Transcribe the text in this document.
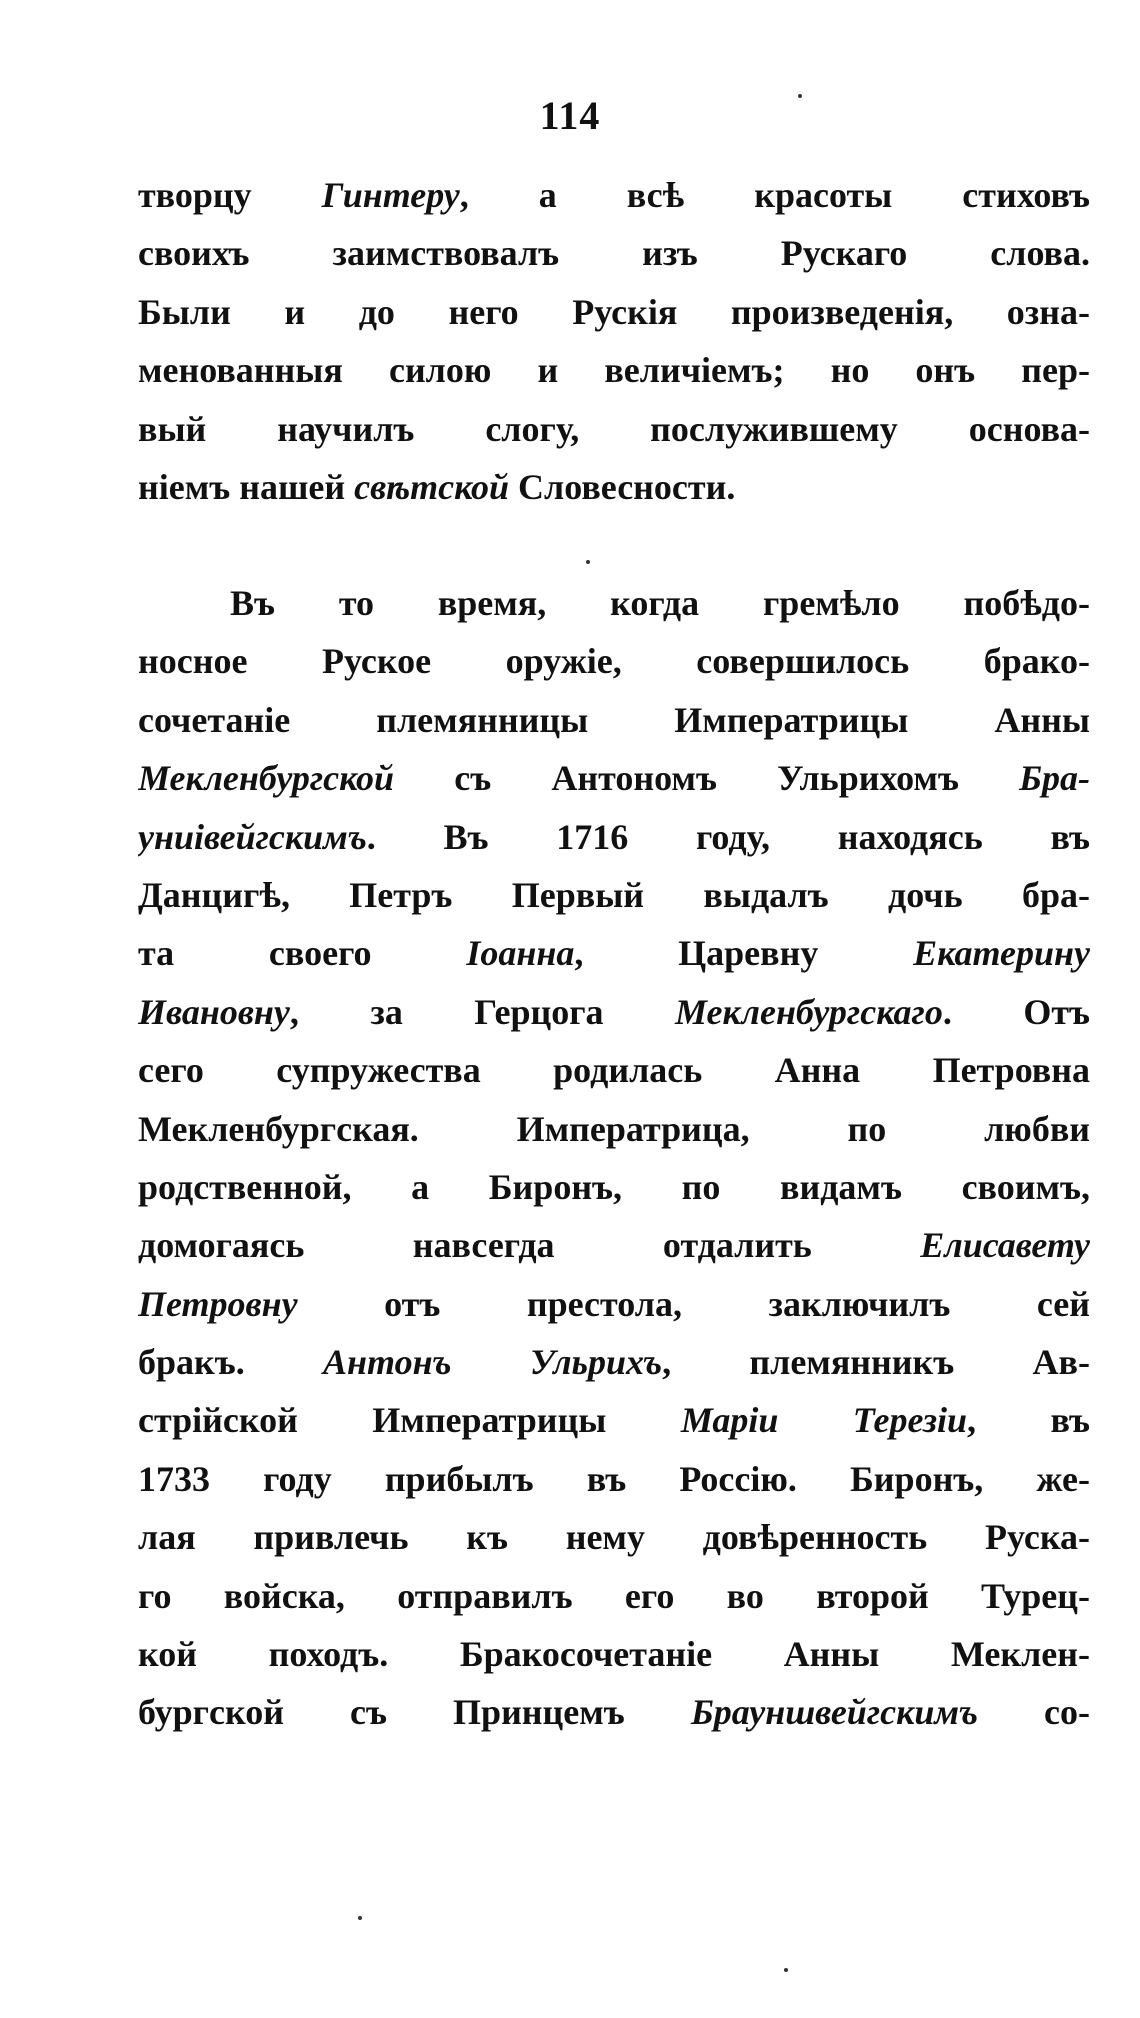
114

творцу Гинтеру, а всѣ красоты стиховъ
своихъ заимствовалъ изъ Рускаго слова.
Были и до него Рускія произведенія, озна-
менованныя силою и величіемъ; но онъ пер-
вый научилъ слогу, послужившему основа-
ніемъ нашей свѣтской Словесности.
Въ то время, когда гремѣло побѣдо-
носное Руское оружіе, совершилось брако-
сочетаніе племянницы Императрицы Анны
Мекленбургской съ Антономъ Ульрихомъ Бра-
униiвейгскимъ. Въ 1716 году, находясь въ
Данцигѣ, Петръ Первый выдалъ дочь бра-
та своего Іоанна, Царевну Екатерину
Ивановну, за Герцога Мекленбургскаго. Отъ
сего супружества родилась Анна Петровна
Мекленбургская. Императрица, по любви
родственной, а Биронъ, по видамъ своимъ,
домогаясь навсегда отдалить Елисавету
Петровну отъ престола, заключилъ сей
бракъ. Антонъ Ульрихъ, племянникъ Ав-
стрійской Императрицы Маріи Терезіи, въ
1733 году прибылъ въ Россію. Биронъ, же-
лая привлечь къ нему довѣренность Руска-
го войска, отправилъ его во второй Турец-
кой походъ. Бракосочетаніе Анны Меклен-
бургской съ Принцемъ Брауншвейгскимъ со-
